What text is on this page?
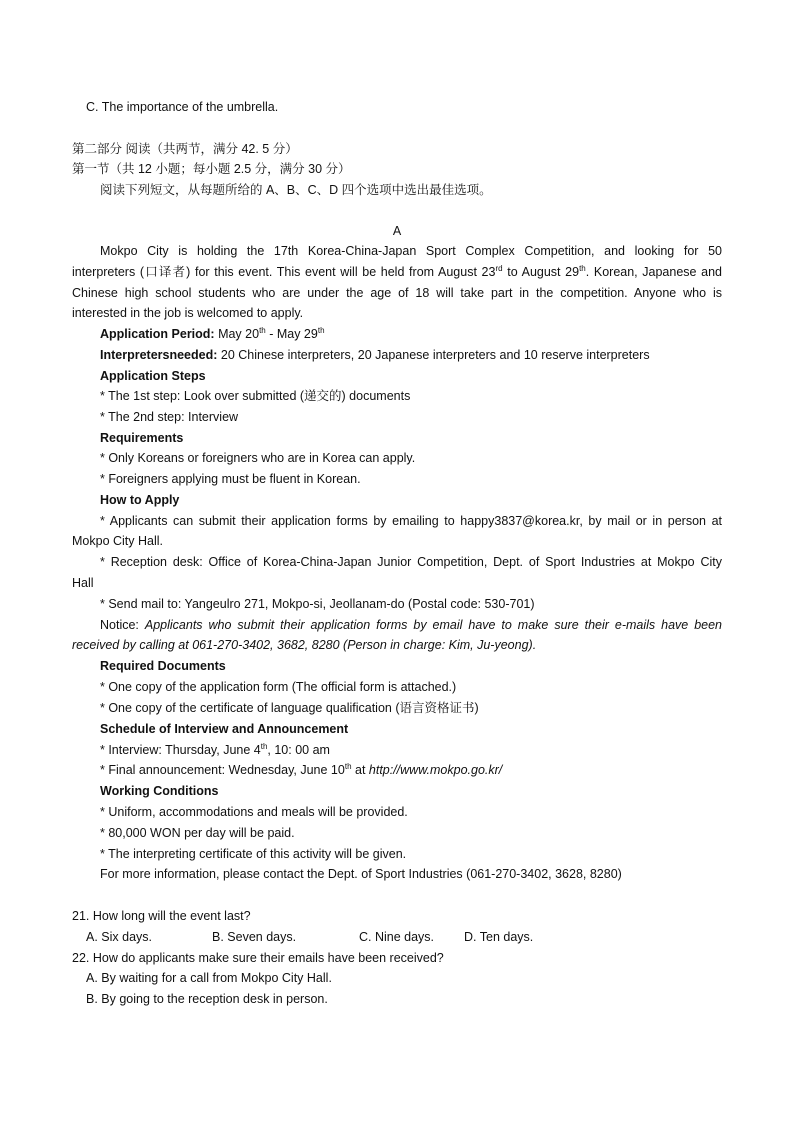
C. The importance of the umbrella.
第二部分 阅读（共两节，满分 42. 5 分）
第一节（共 12 小题；每小题 2.5 分，满分 30 分）
阅读下列短文，从每题所给的 A、B、C、D 四个选项中选出最佳选项。
A
Mokpo City is holding the 17th Korea-China-Japan Sport Complex Competition, and looking for 50
interpreters (口译者) for this event. This event will be held from August 23rd to August 29th. Korean, Japanese and
Chinese high school students who are under the age of 18 will take part in the competition. Anyone who is
interested in the job is welcomed to apply.
Application Period: May 20th - May 29th
Interpretersneeded: 20 Chinese interpreters, 20 Japanese interpreters and 10 reserve interpreters
Application Steps
* The 1st step: Look over submitted (递交的) documents
* The 2nd step: Interview
Requirements
* Only Koreans or foreigners who are in Korea can apply.
* Foreigners applying must be fluent in Korean.
How to Apply
* Applicants can submit their application forms by emailing to happy3837@korea.kr, by mail or in person at
Mokpo City Hall.
* Reception desk: Office of Korea-China-Japan Junior Competition, Dept. of Sport Industries at Mokpo City
Hall
* Send mail to: Yangeulro 271, Mokpo-si, Jeollanam-do (Postal code: 530-701)
Notice: Applicants who submit their application forms by email have to make sure their e-mails have been
received by calling at 061-270-3402, 3682, 8280 (Person in charge: Kim, Ju-yeong).
Required Documents
* One copy of the application form (The official form is attached.)
* One copy of the certificate of language qualification (语言资格证书)
Schedule of Interview and Announcement
* Interview: Thursday, June 4th, 10: 00 am
* Final announcement: Wednesday, June 10th at http://www.mokpo.go.kr/
Working Conditions
* Uniform, accommodations and meals will be provided.
* 80,000 WON per day will be paid.
* The interpreting certificate of this activity will be given.
For more information, please contact the Dept. of Sport Industries (061-270-3402, 3628, 8280)
21. How long will the event last?
A. Six days.	B. Seven days.	C. Nine days. D. Ten days.
22. How do applicants make sure their emails have been received?
A. By waiting for a call from Mokpo City Hall.
B. By going to the reception desk in person.
